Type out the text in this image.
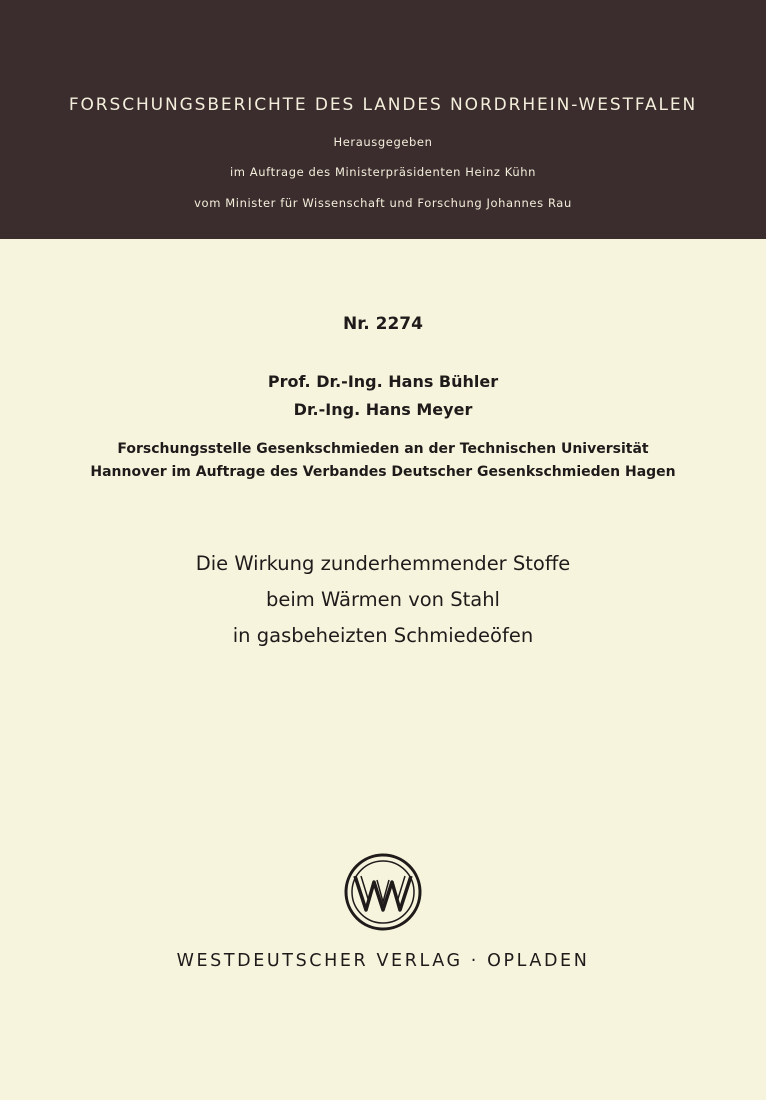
FORSCHUNGSBERICHTE DES LANDES NORDRHEIN-WESTFALEN
Herausgegeben
im Auftrage des Ministerpräsidenten Heinz Kühn
vom Minister für Wissenschaft und Forschung Johannes Rau
Nr. 2274
Prof. Dr.-Ing. Hans Bühler
Dr.-Ing. Hans Meyer
Forschungsstelle Gesenkschmieden an der Technischen Universität
Hannover im Auftrage des Verbandes Deutscher Gesenkschmieden Hagen
Die Wirkung zunderhemmender Stoffe
beim Wärmen von Stahl
in gasbeheizten Schmiedeöfen
WESTDEUTSCHER VERLAG · OPLADEN
